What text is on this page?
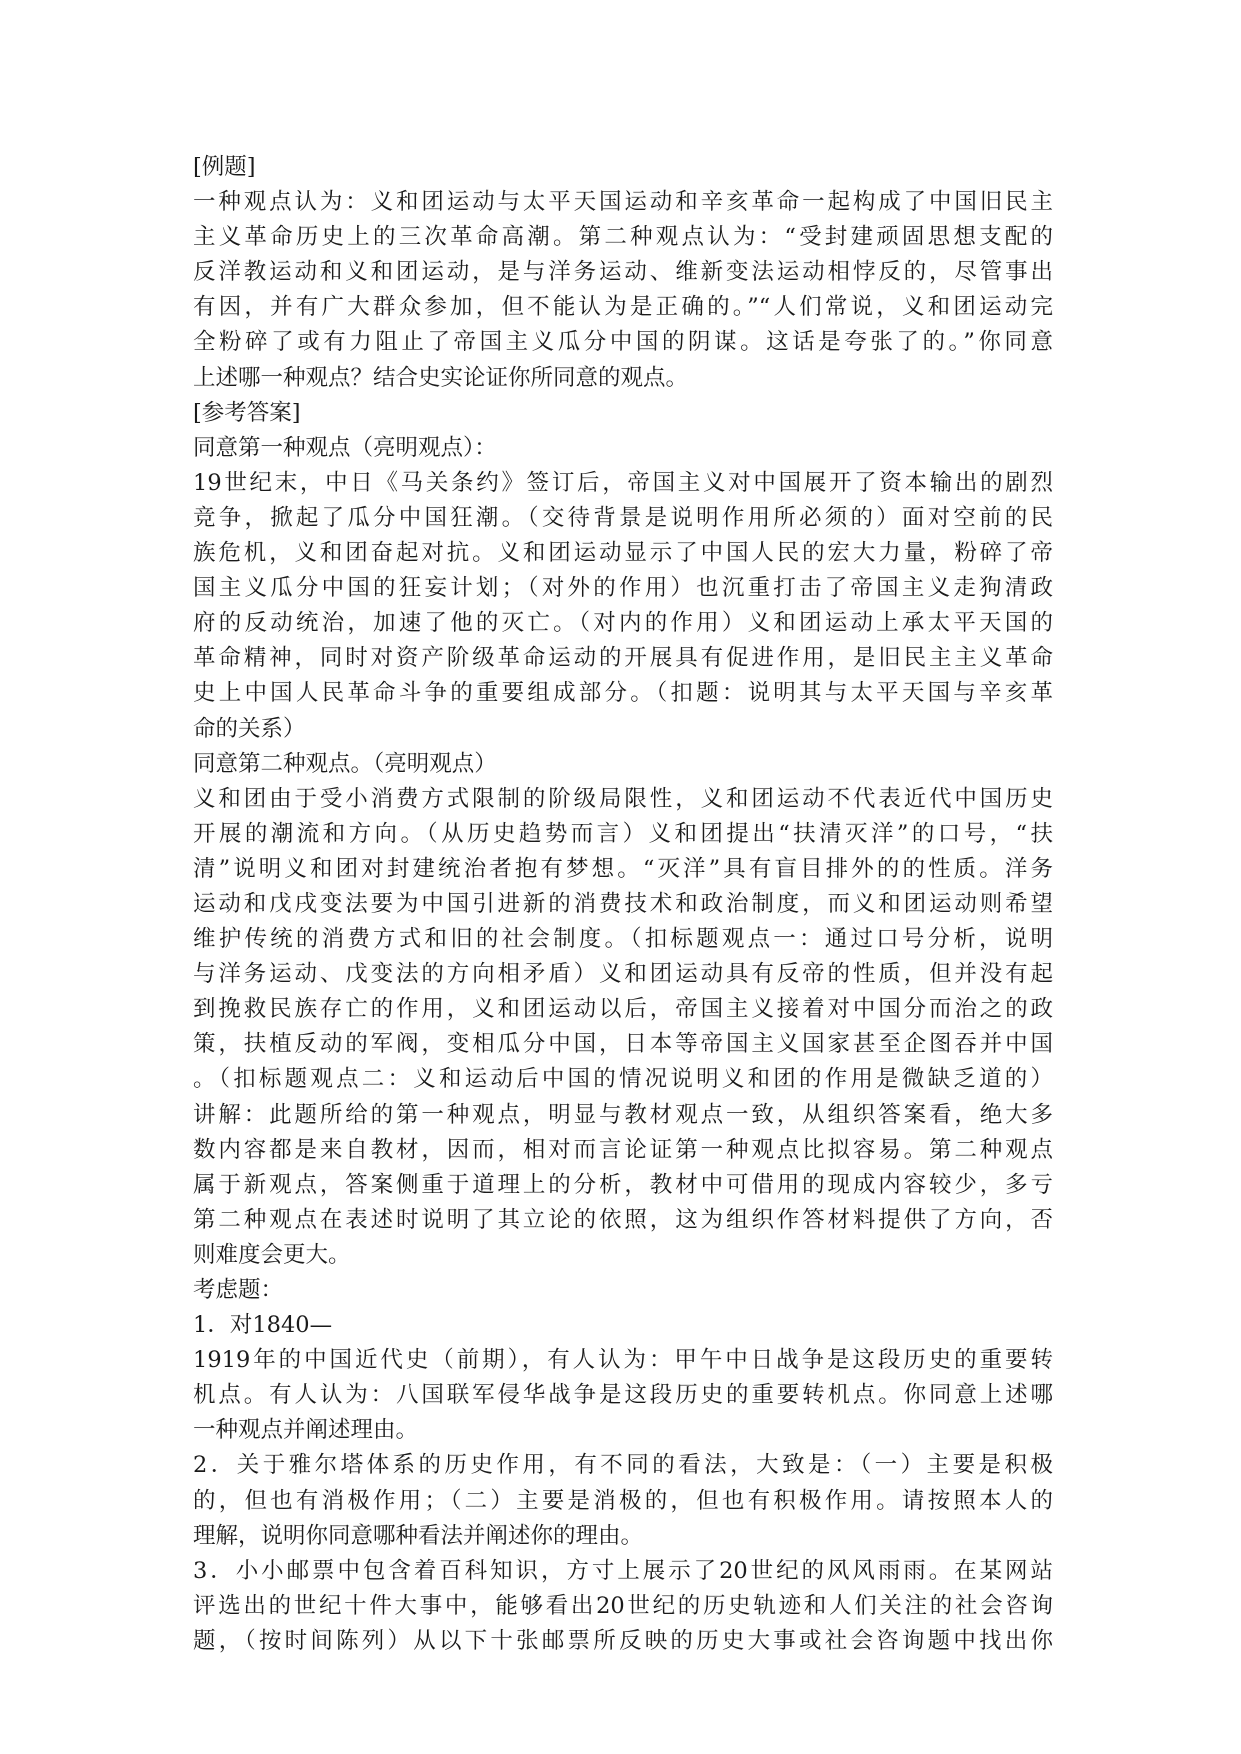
[例题]
一种观点认为：义和团运动与太平天国运动和辛亥革命一起构成了中国旧民主
主义革命历史上的三次革命高潮。第二种观点认为：“受封建顽固思想支配的
反洋教运动和义和团运动，是与洋务运动、维新变法运动相悖反的，尽管事出
有因，并有广大群众参加，但不能认为是正确的。”“人们常说，义和团运动完
全粉碎了或有力阻止了帝国主义瓜分中国的阴谋。这话是夸张了的。”你同意
上述哪一种观点？结合史实论证你所同意的观点。
[参考答案]
同意第一种观点（亮明观点）：
19世纪末，中日《马关条约》签订后，帝国主义对中国展开了资本输出的剧烈
竞争，掀起了瓜分中国狂潮。（交待背景是说明作用所必须的）面对空前的民
族危机，义和团奋起对抗。义和团运动显示了中国人民的宏大力量，粉碎了帝
国主义瓜分中国的狂妄计划；（对外的作用）也沉重打击了帝国主义走狗清政
府的反动统治，加速了他的灭亡。（对内的作用）义和团运动上承太平天国的
革命精神，同时对资产阶级革命运动的开展具有促进作用，是旧民主主义革命
史上中国人民革命斗争的重要组成部分。（扣题：说明其与太平天国与辛亥革
命的关系）
同意第二种观点。（亮明观点）
义和团由于受小消费方式限制的阶级局限性，义和团运动不代表近代中国历史
开展的潮流和方向。（从历史趋势而言）义和团提出“扶清灭洋”的口号，“扶
清”说明义和团对封建统治者抱有梦想。“灭洋”具有盲目排外的的性质。洋务
运动和戊戌变法要为中国引进新的消费技术和政治制度，而义和团运动则希望
维护传统的消费方式和旧的社会制度。（扣标题观点一：通过口号分析，说明
与洋务运动、戊变法的方向相矛盾）义和团运动具有反帝的性质，但并没有起
到挽救民族存亡的作用，义和团运动以后，帝国主义接着对中国分而治之的政
策，扶植反动的军阀，变相瓜分中国，日本等帝国主义国家甚至企图吞并中国
。（扣标题观点二：义和运动后中国的情况说明义和团的作用是微缺乏道的）
讲解：此题所给的第一种观点，明显与教材观点一致，从组织答案看，绝大多
数内容都是来自教材，因而，相对而言论证第一种观点比拟容易。第二种观点
属于新观点，答案侧重于道理上的分析，教材中可借用的现成内容较少，多亏
第二种观点在表述时说明了其立论的依照，这为组织作答材料提供了方向，否
则难度会更大。
考虑题：
1．对1840—
1919年的中国近代史（前期），有人认为：甲午中日战争是这段历史的重要转
机点。有人认为：八国联军侵华战争是这段历史的重要转机点。你同意上述哪
一种观点并阐述理由。
2．关于雅尔塔体系的历史作用，有不同的看法，大致是：（一）主要是积极
的，但也有消极作用；（二）主要是消极的，但也有积极作用。请按照本人的
理解，说明你同意哪种看法并阐述你的理由。
3．小小邮票中包含着百科知识，方寸上展示了20世纪的风风雨雨。在某网站
评选出的世纪十件大事中，能够看出20世纪的历史轨迹和人们关注的社会咨询
题，（按时间陈列）从以下十张邮票所反映的历史大事或社会咨询题中找出你
